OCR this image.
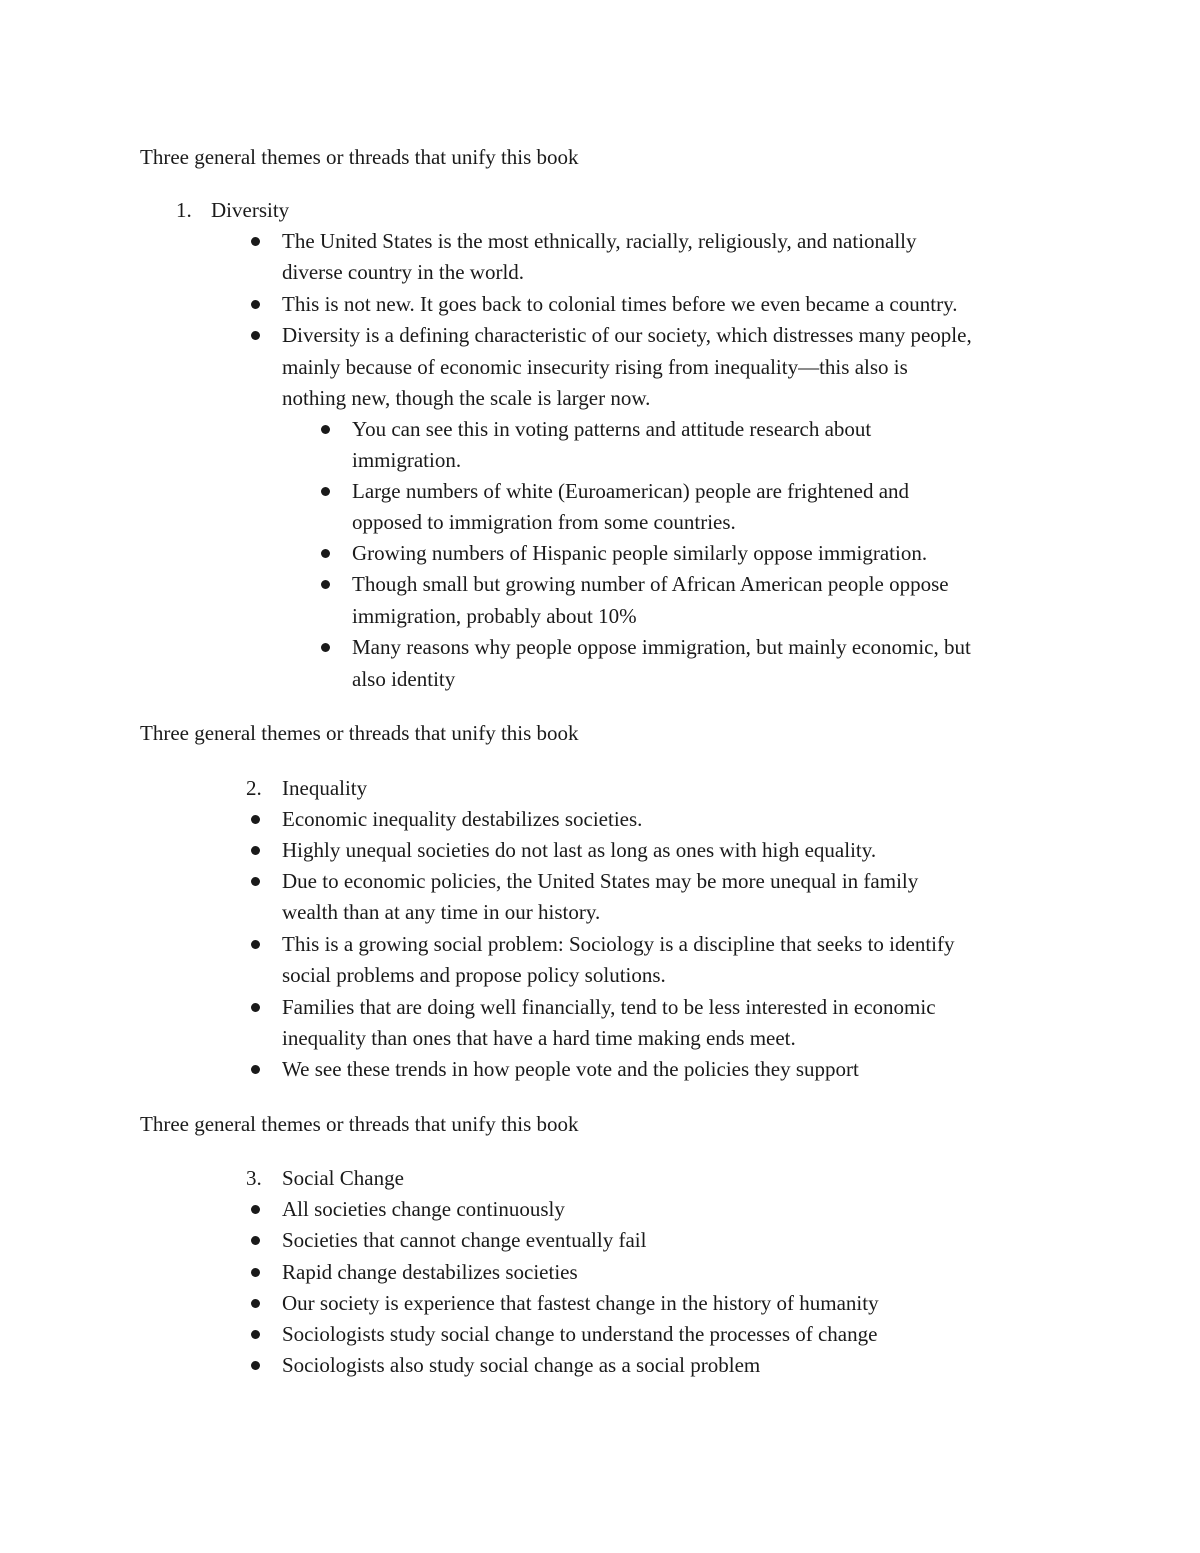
Three general themes or threads that unify this book
1. Diversity
The United States is the most ethnically, racially, religiously, and nationally
diverse country in the world.
This is not new. It goes back to colonial times before we even became a country.
Diversity is a defining characteristic of our society, which distresses many people,
mainly because of economic insecurity rising from inequality—this also is
nothing new, though the scale is larger now.
You can see this in voting patterns and attitude research about
immigration.
Large numbers of white (Euroamerican) people are frightened and
opposed to immigration from some countries.
Growing numbers of Hispanic people similarly oppose immigration.
Though small but growing number of African American people oppose
immigration, probably about 10%
Many reasons why people oppose immigration, but mainly economic, but
also identity
Three general themes or threads that unify this book
2. Inequality
Economic inequality destabilizes societies.
Highly unequal societies do not last as long as ones with high equality.
Due to economic policies, the United States may be more unequal in family
wealth than at any time in our history.
This is a growing social problem: Sociology is a discipline that seeks to identify
social problems and propose policy solutions.
Families that are doing well financially, tend to be less interested in economic
inequality than ones that have a hard time making ends meet.
We see these trends in how people vote and the policies they support
Three general themes or threads that unify this book
3. Social Change
All societies change continuously
Societies that cannot change eventually fail
Rapid change destabilizes societies
Our society is experience that fastest change in the history of humanity
Sociologists study social change to understand the processes of change
Sociologists also study social change as a social problem
